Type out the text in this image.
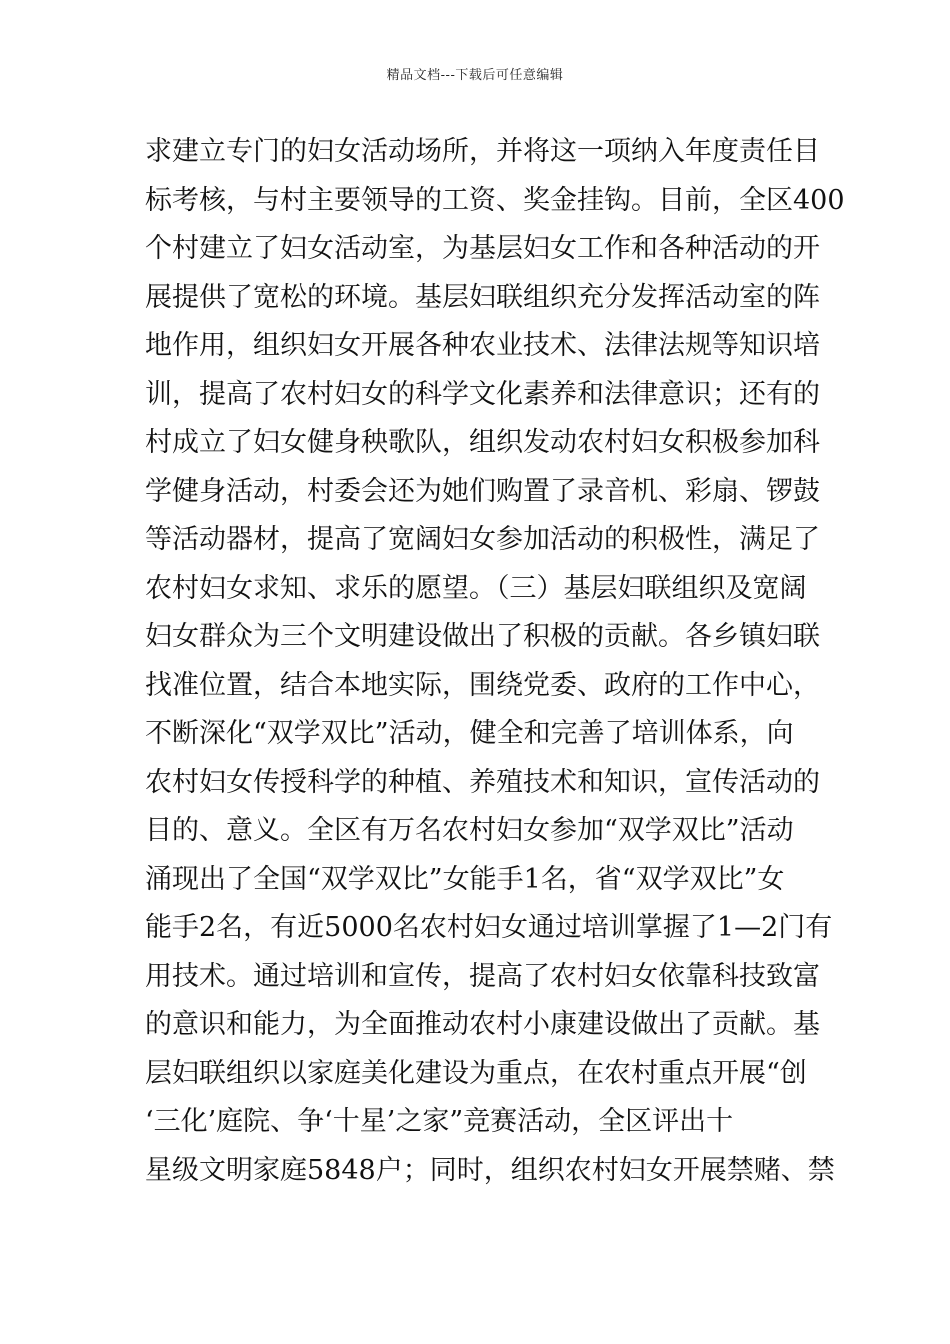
精品文档---下载后可任意编辑
求建立专门的妇女活动场所，并将这一项纳入年度责任目
标考核，与村主要领导的工资、奖金挂钩。目前，全区400
个村建立了妇女活动室，为基层妇女工作和各种活动的开
展提供了宽松的环境。基层妇联组织充分发挥活动室的阵
地作用，组织妇女开展各种农业技术、法律法规等知识培
训，提高了农村妇女的科学文化素养和法律意识；还有的
村成立了妇女健身秧歌队，组织发动农村妇女积极参加科
学健身活动，村委会还为她们购置了录音机、彩扇、锣鼓
等活动器材，提高了宽阔妇女参加活动的积极性，满足了
农村妇女求知、求乐的愿望。（三）基层妇联组织及宽阔
妇女群众为三个文明建设做出了积极的贡献。各乡镇妇联
找准位置，结合本地实际，围绕党委、政府的工作中心，
不断深化“双学双比”活动，健全和完善了培训体系，向
农村妇女传授科学的种植、养殖技术和知识，宣传活动的
目的、意义。全区有万名农村妇女参加“双学双比”活动
涌现出了全国“双学双比”女能手1名，省“双学双比”女
能手2名，有近5000名农村妇女通过培训掌握了1—2门有
用技术。通过培训和宣传，提高了农村妇女依靠科技致富
的意识和能力，为全面推动农村小康建设做出了贡献。基
层妇联组织以家庭美化建设为重点，在农村重点开展“创
‘三化’庭院、争‘十星’之家”竞赛活动，全区评出十
星级文明家庭5848户；同时，组织农村妇女开展禁赌、禁
